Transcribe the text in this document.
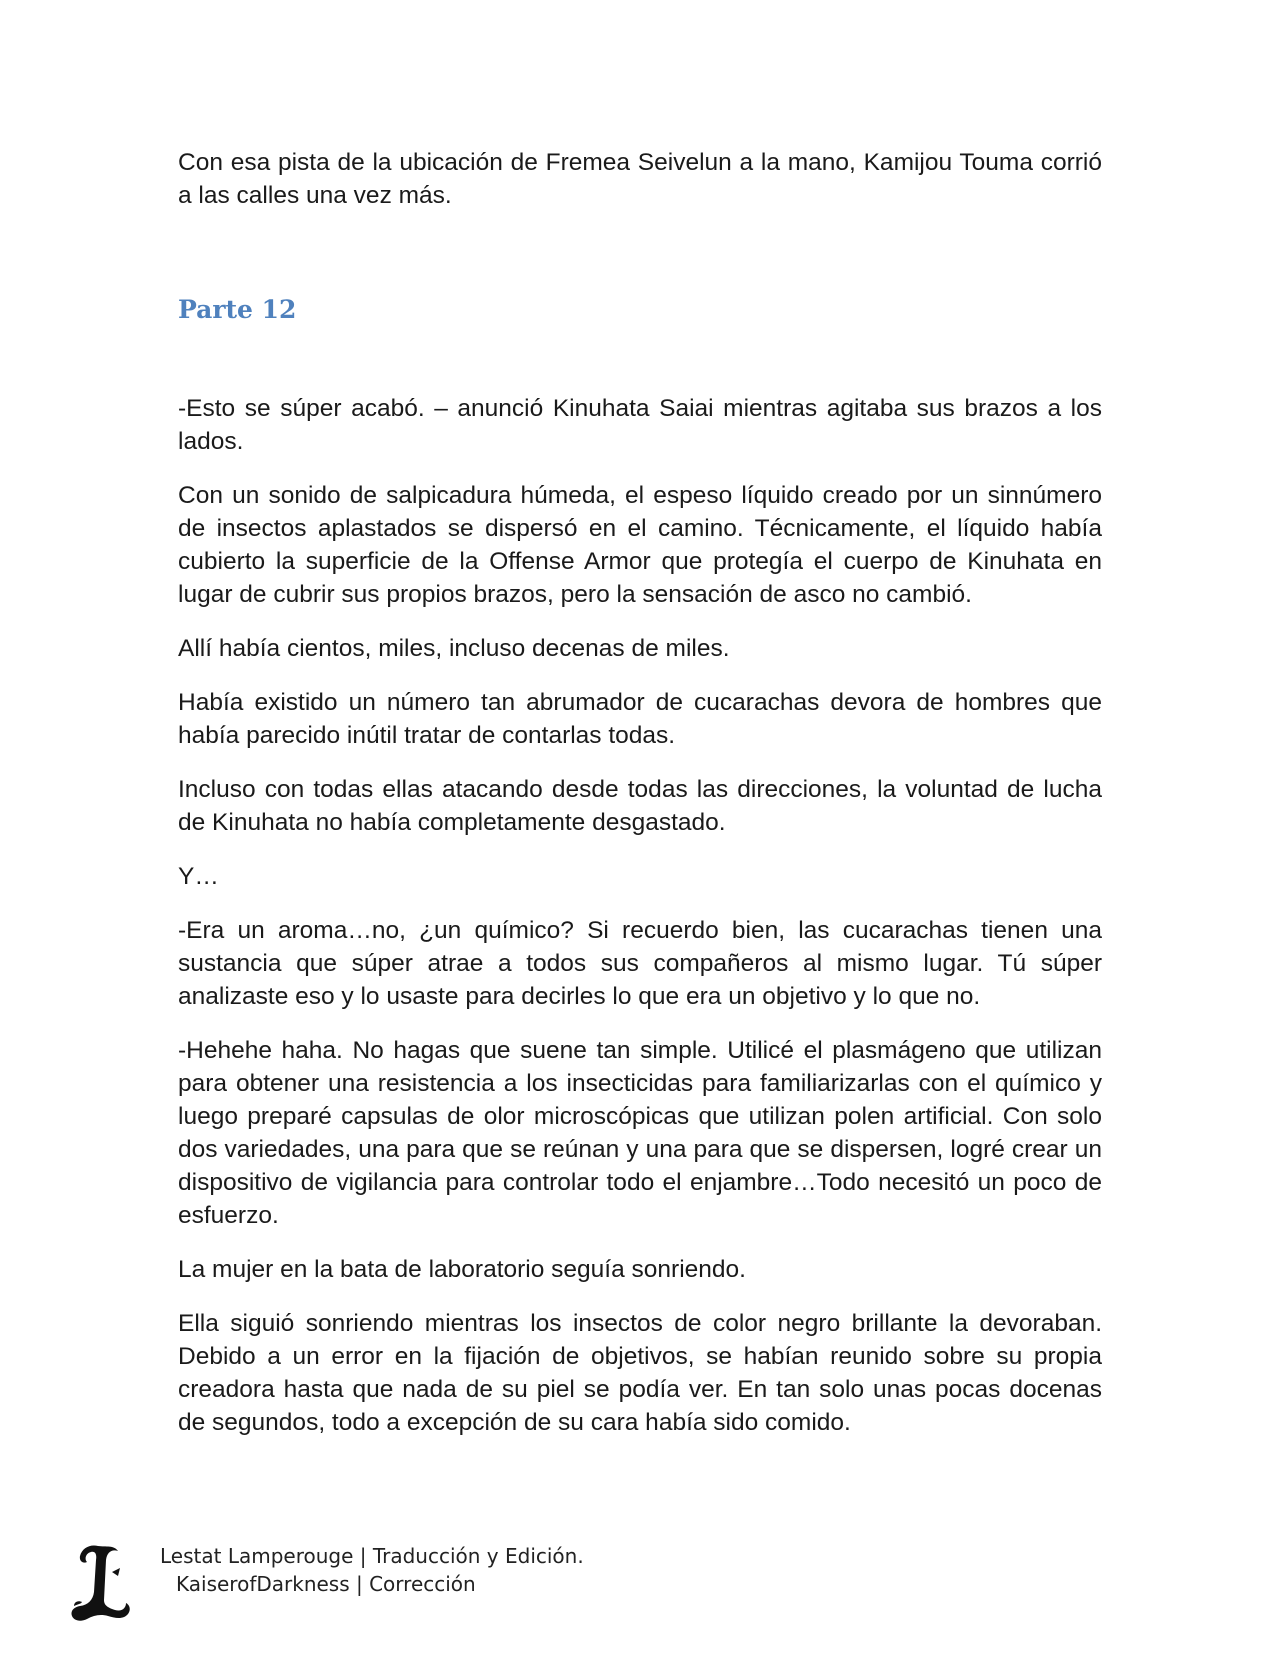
Con esa pista de la ubicación de Fremea Seivelun a la mano, Kamijou Touma corrió a las calles una vez más.

Parte 12

-Esto se súper acabó. – anunció Kinuhata Saiai mientras agitaba sus brazos a los lados.

Con un sonido de salpicadura húmeda, el espeso líquido creado por un sinnúmero de insectos aplastados se dispersó en el camino. Técnicamente, el líquido había cubierto la superficie de la Offense Armor que protegía el cuerpo de Kinuhata en lugar de cubrir sus propios brazos, pero la sensación de asco no cambió.

Allí había cientos, miles, incluso decenas de miles.

Había existido un número tan abrumador de cucarachas devora de hombres que había parecido inútil tratar de contarlas todas.

Incluso con todas ellas atacando desde todas las direcciones, la voluntad de lucha de Kinuhata no había completamente desgastado.

Y…

-Era un aroma…no, ¿un químico? Si recuerdo bien, las cucarachas tienen una sustancia que súper atrae a todos sus compañeros al mismo lugar. Tú súper analizaste eso y lo usaste para decirles lo que era un objetivo y lo que no.

-Hehehe haha. No hagas que suene tan simple. Utilicé el plasmágeno que utilizan para obtener una resistencia a los insecticidas para familiarizarlas con el químico y luego preparé capsulas de olor microscópicas que utilizan polen artificial. Con solo dos variedades, una para que se reúnan y una para que se dispersen, logré crear un dispositivo de vigilancia para controlar todo el enjambre…Todo necesitó un poco de esfuerzo.

La mujer en la bata de laboratorio seguía sonriendo.

Ella siguió sonriendo mientras los insectos de color negro brillante la devoraban. Debido a un error en la fijación de objetivos, se habían reunido sobre su propia creadora hasta que nada de su piel se podía ver. En tan solo unas pocas docenas de segundos, todo a excepción de su cara había sido comido.

Lestat Lamperouge | Traducción y Edición.
KaiserofDarkness | Corrección
